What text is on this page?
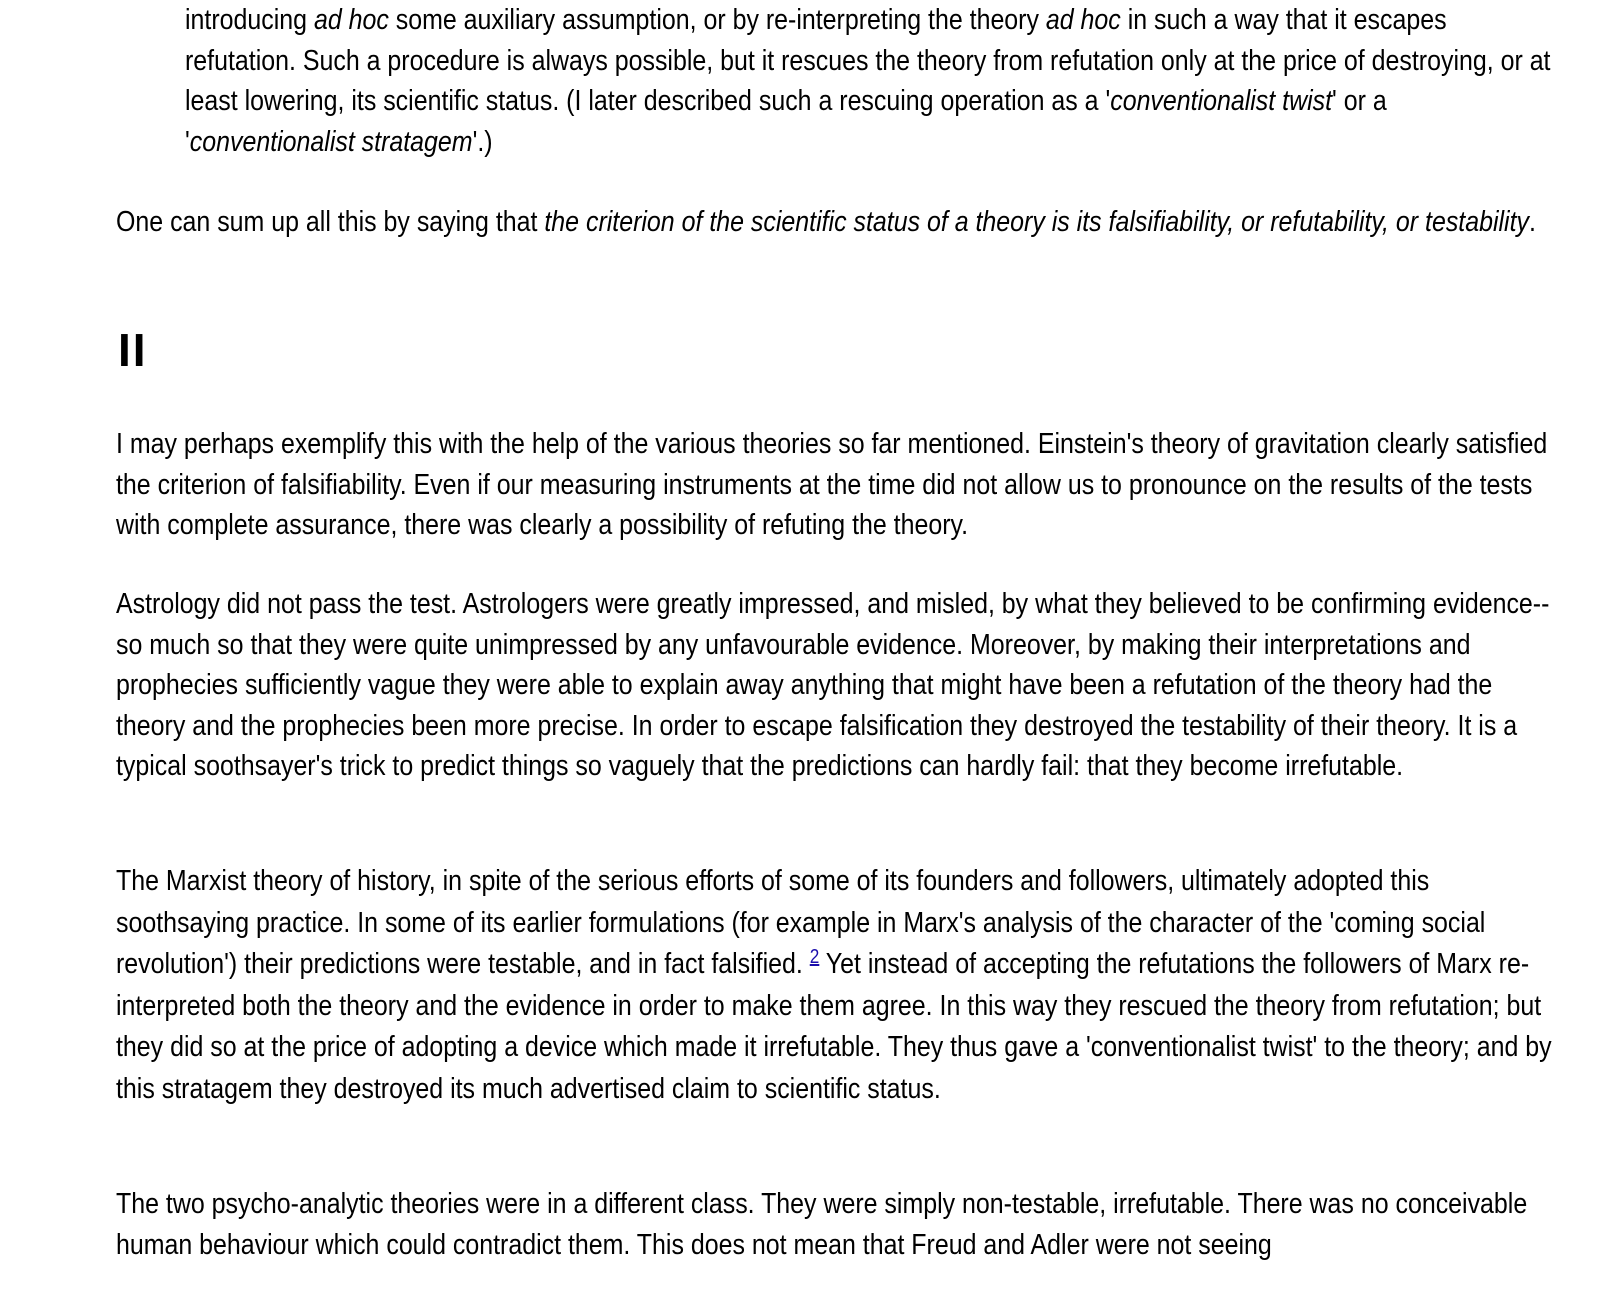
introducing ad hoc some auxiliary assumption, or by re-interpreting the theory ad hoc in such a way that it escapes refutation. Such a procedure is always possible, but it rescues the theory from refutation only at the price of destroying, or at least lowering, its scientific status. (I later described such a rescuing operation as a 'conventionalist twist' or a 'conventionalist stratagem'.)

One can sum up all this by saying that the criterion of the scientific status of a theory is its falsifiability, or refutability, or testability.

II

I may perhaps exemplify this with the help of the various theories so far mentioned. Einstein's theory of gravitation clearly satisfied the criterion of falsifiability. Even if our measuring instruments at the time did not allow us to pronounce on the results of the tests with complete assurance, there was clearly a possibility of refuting the theory.

Astrology did not pass the test. Astrologers were greatly impressed, and misled, by what they believed to be confirming evidence--so much so that they were quite unimpressed by any unfavourable evidence. Moreover, by making their interpretations and prophecies sufficiently vague they were able to explain away anything that might have been a refutation of the theory had the theory and the prophecies been more precise. In order to escape falsification they destroyed the testability of their theory. It is a typical soothsayer's trick to predict things so vaguely that the predictions can hardly fail: that they become irrefutable.

The Marxist theory of history, in spite of the serious efforts of some of its founders and followers, ultimately adopted this soothsaying practice. In some of its earlier formulations (for example in Marx's analysis of the character of the 'coming social revolution') their predictions were testable, and in fact falsified. $^2$ Yet instead of accepting the refutations the followers of Marx re-interpreted both the theory and the evidence in order to make them agree. In this way they rescued the theory from refutation; but they did so at the price of adopting a device which made it irrefutable. They thus gave a 'conventionalist twist' to the theory; and by this stratagem they destroyed its much advertised claim to scientific status.

The two psycho-analytic theories were in a different class. They were simply non-testable, irrefutable. There was no conceivable human behaviour which could contradict them. This does not mean that Freud and Adler were not seeing
